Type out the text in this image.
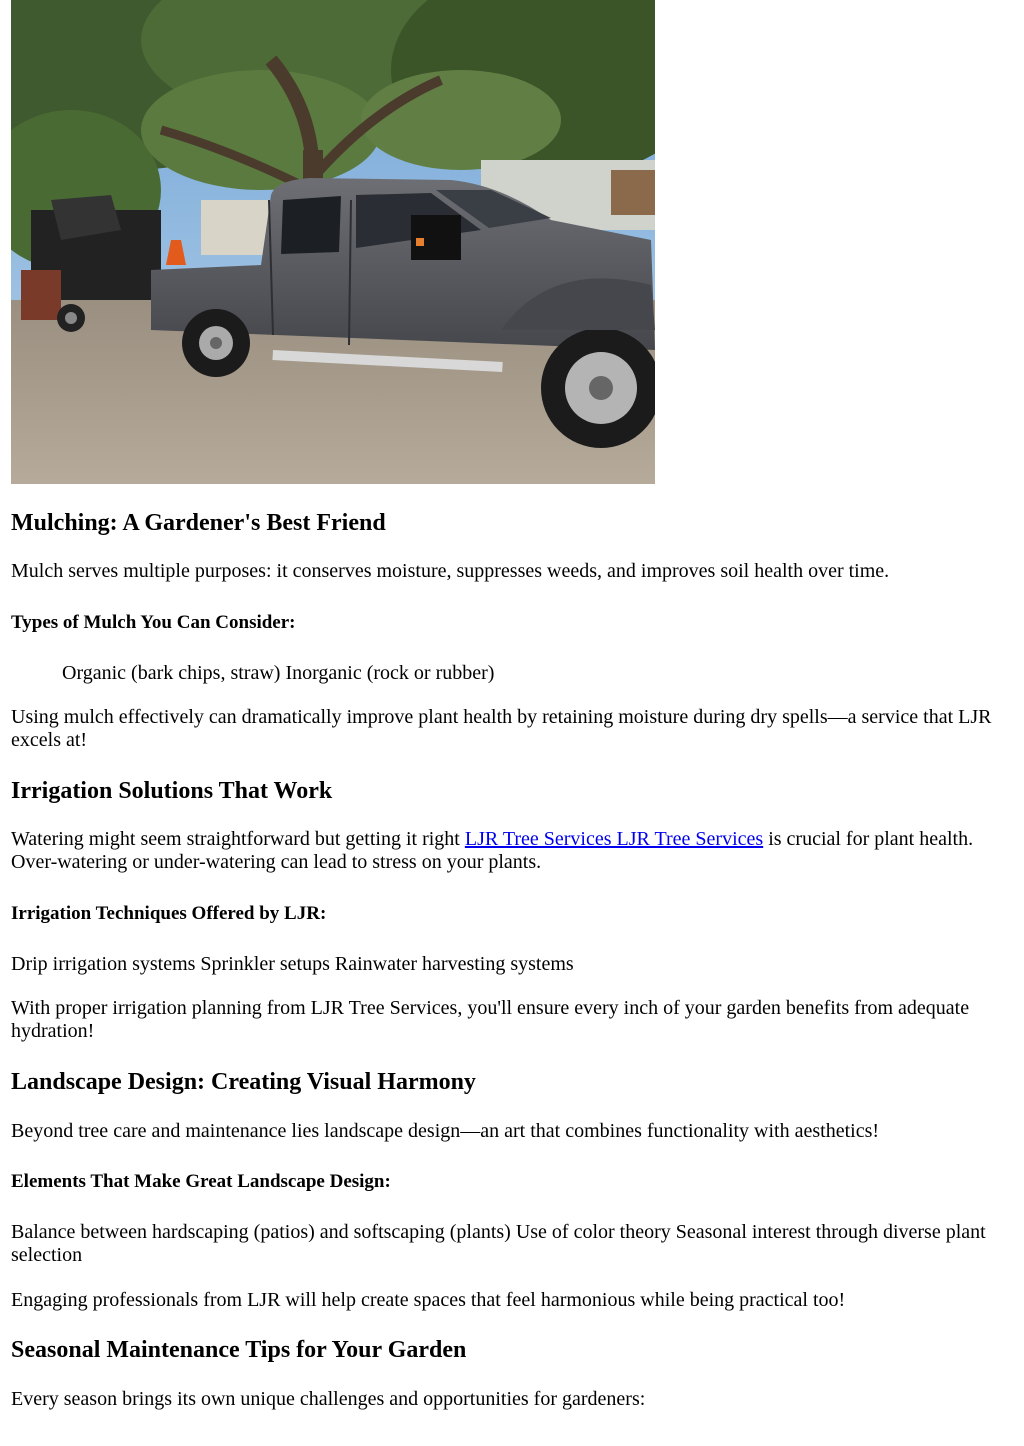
Mulching: A Gardener's Best Friend

Mulch serves multiple purposes: it conserves moisture, suppresses weeds, and improves soil health over time.

Types of Mulch You Can Consider:

Organic (bark chips, straw) Inorganic (rock or rubber)

Using mulch effectively can dramatically improve plant health by retaining moisture during dry spells—a service that LJR excels at!

Irrigation Solutions That Work

Watering might seem straightforward but getting it right LJR Tree Services LJR Tree Services is crucial for plant health. Over-watering or under-watering can lead to stress on your plants.

Irrigation Techniques Offered by LJR:

Drip irrigation systems Sprinkler setups Rainwater harvesting systems

With proper irrigation planning from LJR Tree Services, you'll ensure every inch of your garden benefits from adequate hydration!

Landscape Design: Creating Visual Harmony

Beyond tree care and maintenance lies landscape design—an art that combines functionality with aesthetics!

Elements That Make Great Landscape Design:

Balance between hardscaping (patios) and softscaping (plants) Use of color theory Seasonal interest through diverse plant selection

Engaging professionals from LJR will help create spaces that feel harmonious while being practical too!

Seasonal Maintenance Tips for Your Garden

Every season brings its own unique challenges and opportunities for gardeners:
